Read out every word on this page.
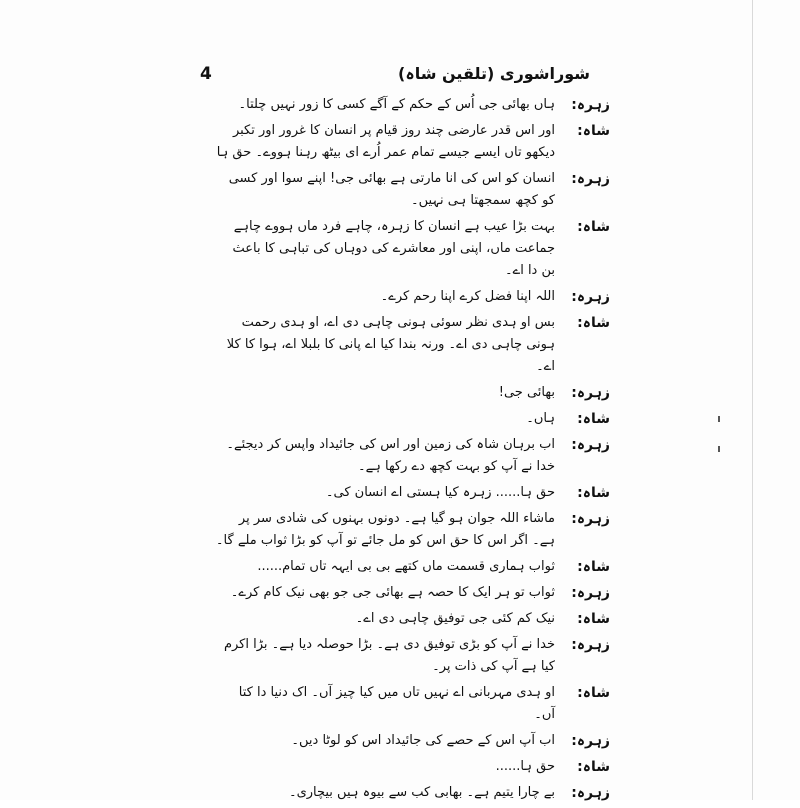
شوراشوری (تلقین شاہ)
4
زہرہ:
ہاں بھائی جی اُس کے حکم کے آگے کسی کا زور نہیں چلتا۔
شاہ:
اور اس قدر عارضی چند روز قیام پر انسان کا غرور اور تکبر دیکھو تاں ایسے جیسے تمام عمر اُرے ای بیٹھ رہنا ہووے۔ حق ہا
زہرہ:
انسان کو اس کی انا مارتی ہے بھائی جی! اپنے سوا اور کسی کو کچھ سمجھتا ہی نہیں۔
شاہ:
بہت بڑا عیب ہے انسان کا زہرہ، چاہے فرد ماں ہووے چاہے جماعت ماں، اپنی اور معاشرے کی دوہاں کی تباہی کا باعث بن دا اے۔
زہرہ:
اللہ اپنا فضل کرے اپنا رحم کرے۔
شاہ:
بس او ہدی نظر سوئی ہونی چاہی دی اے، او ہدی رحمت ہونی چاہی دی اے۔ ورنہ بندا کیا اے پانی کا بلبلا اے، ہوا کا کلا اے۔
زہرہ:
بھائی جی!
شاہ:
ہاں۔
زہرہ:
اب برہان شاہ کی زمین اور اس کی جائیداد واپس کر دیجئے۔ خدا نے آپ کو بہت کچھ دے رکھا ہے۔
شاہ:
حق ہا...... زہرہ کیا ہستی اے انسان کی۔
زہرہ:
ماشاء اللہ جوان ہو گیا ہے۔ دونوں بہنوں کی شادی سر پر ہے۔ اگر اس کا حق اس کو مل جائے تو آپ کو بڑا ثواب ملے گا۔
شاہ:
ثواب ہماری قسمت ماں کتھے بی بی ایہہ تاں تمام......
زہرہ:
ثواب تو ہر ایک کا حصہ ہے بھائی جی جو بھی نیک کام کرے۔
شاہ:
نیک کم کئی جی توفیق چاہی دی اے۔
زہرہ:
خدا نے آپ کو بڑی توفیق دی ہے۔ بڑا حوصلہ دیا ہے۔ بڑا اکرم کیا ہے آپ کی ذات پر۔
شاہ:
او ہدی مہربانی اے نہیں تاں میں کیا چیز آں۔ اک دنیا دا کتا آں۔
زہرہ:
اب آپ اس کے حصے کی جائیداد اس کو لوٹا دیں۔
شاہ:
حق ہا......
زہرہ:
بے چارا یتیم ہے۔ بھابی کب سے بیوہ ہیں بیچاری۔
